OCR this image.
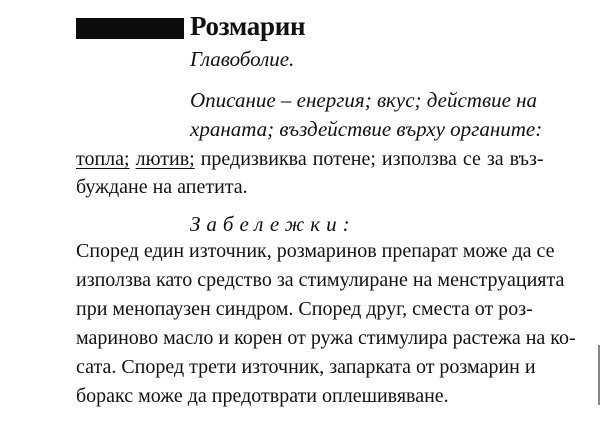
Розмарин
Главоболие.
Описание – енергия; вкус; действие на
храната; въздействие върху органите:
топла; лютив; предизвиква потене; използва се за въз-
буждане на апетита.
Забележки:
Според един източник, розмаринов препарат може да се
използва като средство за стимулиране на менструацията
при менопаузен синдром. Според друг, сместа от роз-
мариново масло и корен от ружа стимулира растежа на ко-
сата. Според трети източник, запарката от розмарин и
боракс може да предотврати оплешивяване.
